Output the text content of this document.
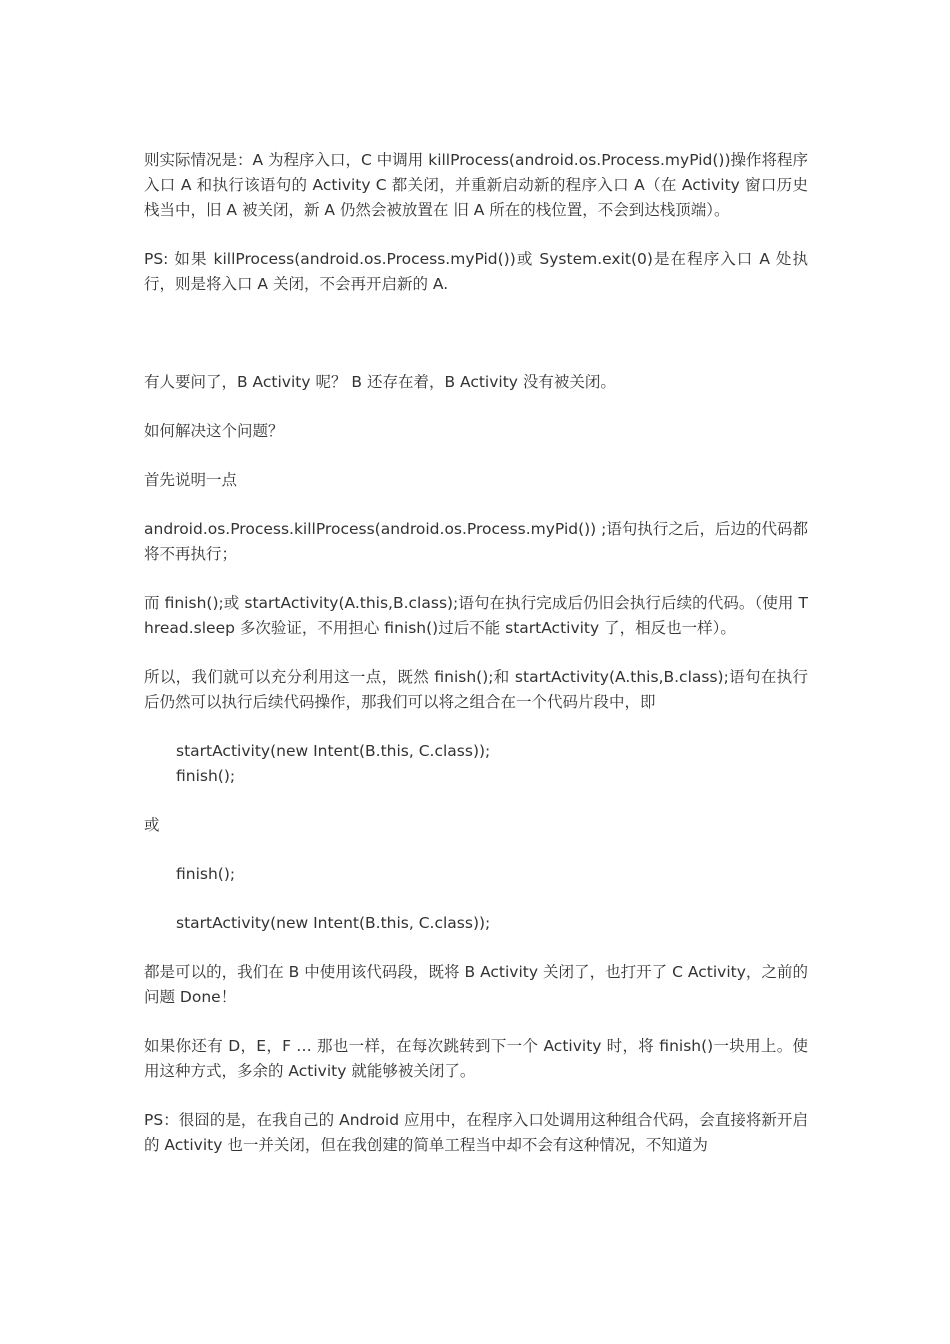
则实际情况是：A 为程序入口，C 中调用 killProcess(android.os.Process.myPid())操作将程序入口 A 和执行该语句的 Activity C 都关闭，并重新启动新的程序入口 A（在 Activity 窗口历史栈当中，旧 A 被关闭，新 A 仍然会被放置在 旧 A 所在的栈位置，不会到达栈顶端）。

PS: 如果 killProcess(android.os.Process.myPid())或 System.exit(0)是在程序入口 A 处执行，则是将入口 A 关闭，不会再开启新的 A.

有人要问了，B Activity 呢？ B 还存在着，B Activity 没有被关闭。

如何解决这个问题？

首先说明一点

android.os.Process.killProcess(android.os.Process.myPid()) ;语句执行之后，后边的代码都将不再执行；

而 finish();或 startActivity(A.this,B.class);语句在执行完成后仍旧会执行后续的代码。（使用 Thread.sleep 多次验证，不用担心 finish()过后不能 startActivity 了，相反也一样）。

所以，我们就可以充分利用这一点，既然 finish();和 startActivity(A.this,B.class);语句在执行后仍然可以执行后续代码操作，那我们可以将之组合在一个代码片段中，即

startActivity(new Intent(B.this, C.class));

finish();

或

finish();

startActivity(new Intent(B.this, C.class));

都是可以的，我们在 B 中使用该代码段，既将 B Activity 关闭了，也打开了 C Activity，之前的问题 Done！

如果你还有 D，E，F … 那也一样，在每次跳转到下一个 Activity 时，将 finish()一块用上。使用这种方式，多余的 Activity 就能够被关闭了。

PS：很囧的是，在我自己的 Android 应用中，在程序入口处调用这种组合代码，会直接将新开启的 Activity 也一并关闭，但在我创建的简单工程当中却不会有这种情况，不知道为
